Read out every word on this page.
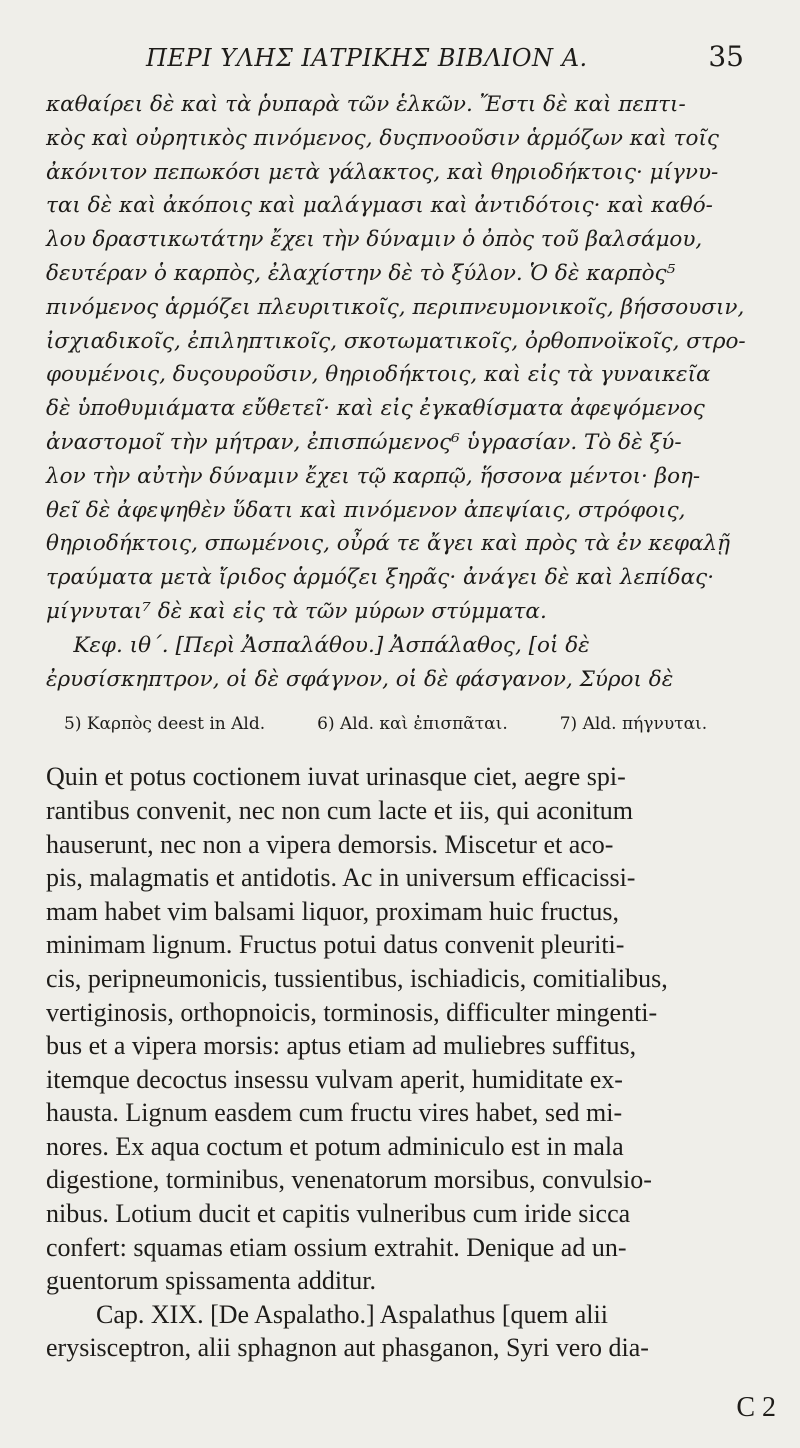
ΠΕΡΙ ΥΛΗΣ ΙΑΤΡΙΚΗΣ ΒΙΒΛΙΟΝ Α.	35
καθαίρει δὲ καὶ τὰ ῥυπαρὰ τῶν ἑλκῶν. Ἔστι δὲ καὶ πεπτι-
κὸς καὶ οὐρητικὸς πινόμενος, δυςπνοοῦσιν ἁρμόζων καὶ τοῖς
ἀκόνιτον πεπωκόσι μετὰ γάλακτος, καὶ θηριοδήκτοις· μίγνυ-
ται δὲ καὶ ἀκόποις καὶ μαλάγμασι καὶ ἀντιδότοις· καὶ καθό-
λου δραστικωτάτην ἔχει τὴν δύναμιν ὁ ὀπὸς τοῦ βαλσάμου,
δευτέραν ὁ καρπὸς, ἐλαχίστην δὲ τὸ ξύλον. Ὁ δὲ καρπὸς⁵
πινόμενος ἁρμόζει πλευριτικοῖς, περιπνευμονικοῖς, βήσσουσιν,
ἰσχιαδικοῖς, ἐπιληπτικοῖς, σκοτωματικοῖς, ὀρθοπνοϊκοῖς, στρο-
φουμένοις, δυςουροῦσιν, θηριοδήκτοις, καὶ εἰς τὰ γυναικεῖα
δὲ ὑποθυμιάματα εὔθετεῖ· καὶ εἰς ἐγκαθίσματα ἀφεψόμενος
ἀναστομοῖ τὴν μήτραν, ἐπισπώμενος⁶ ὑγρασίαν. Τὸ δὲ ξύ-
λον τὴν αὐτὴν δύναμιν ἔχει τῷ καρπῷ, ἥσσονα μέντοι· βοη-
θεῖ δὲ ἀφεψηθὲν ὕδατι καὶ πινόμενον ἀπεψίαις, στρόφοις,
θηριοδήκτοις, σπωμένοις, οὖρά τε ἄγει καὶ πρὸς τὰ ἐν κεφαλῇ
τραύματα μετὰ ἴριδος ἁρμόζει ξηρᾶς· ἀνάγει δὲ καὶ λεπίδας·
μίγνυται⁷ δὲ καὶ εἰς τὰ τῶν μύρων στύμματα.
Κεφ. ιθ΄. [Περὶ Ἀσπαλάθου.] Ἀσπάλαθος, [οἱ δὲ
ἐρυσίσκηπτρον, οἱ δὲ σφάγνον, οἱ δὲ φάσγανον, Σύροι δὲ
5) Καρπὸς deest in Ald.	6) Ald. καὶ ἐπισπᾶται.	7) Ald. πήγνυται.
Quin et potus coctionem iuvat urinasque ciet, aegre spi-
rantibus convenit, nec non cum lacte et iis, qui aconitum
hauserunt, nec non a vipera demorsis. Miscetur et aco-
pis, malagmatis et antidotis. Ac in universum efficacissi-
mam habet vim balsami liquor, proximam huic fructus,
minimam lignum. Fructus potui datus convenit pleuriti-
cis, peripneumonicis, tussientibus, ischiadicis, comitialibus,
vertiginosis, orthopnoicis, torminosis, difficulter mingenti-
bus et a vipera morsis: aptus etiam ad muliebres suffitus,
itemque decoctus insessu vulvam aperit, humiditate ex-
hausta. Lignum easdem cum fructu vires habet, sed mi-
nores. Ex aqua coctum et potum adminiculo est in mala
digestione, torminibus, venenatorum morsibus, convulsio-
nibus. Lotium ducit et capitis vulneribus cum iride sicca
confert: squamas etiam ossium extrahit. Denique ad un-
guentorum spissamenta additur.
Cap. XIX. [De Aspalatho.] Aspalathus [quem alii
erysisceptron, alii sphagnon aut phasganon, Syri vero dia-
C 2
